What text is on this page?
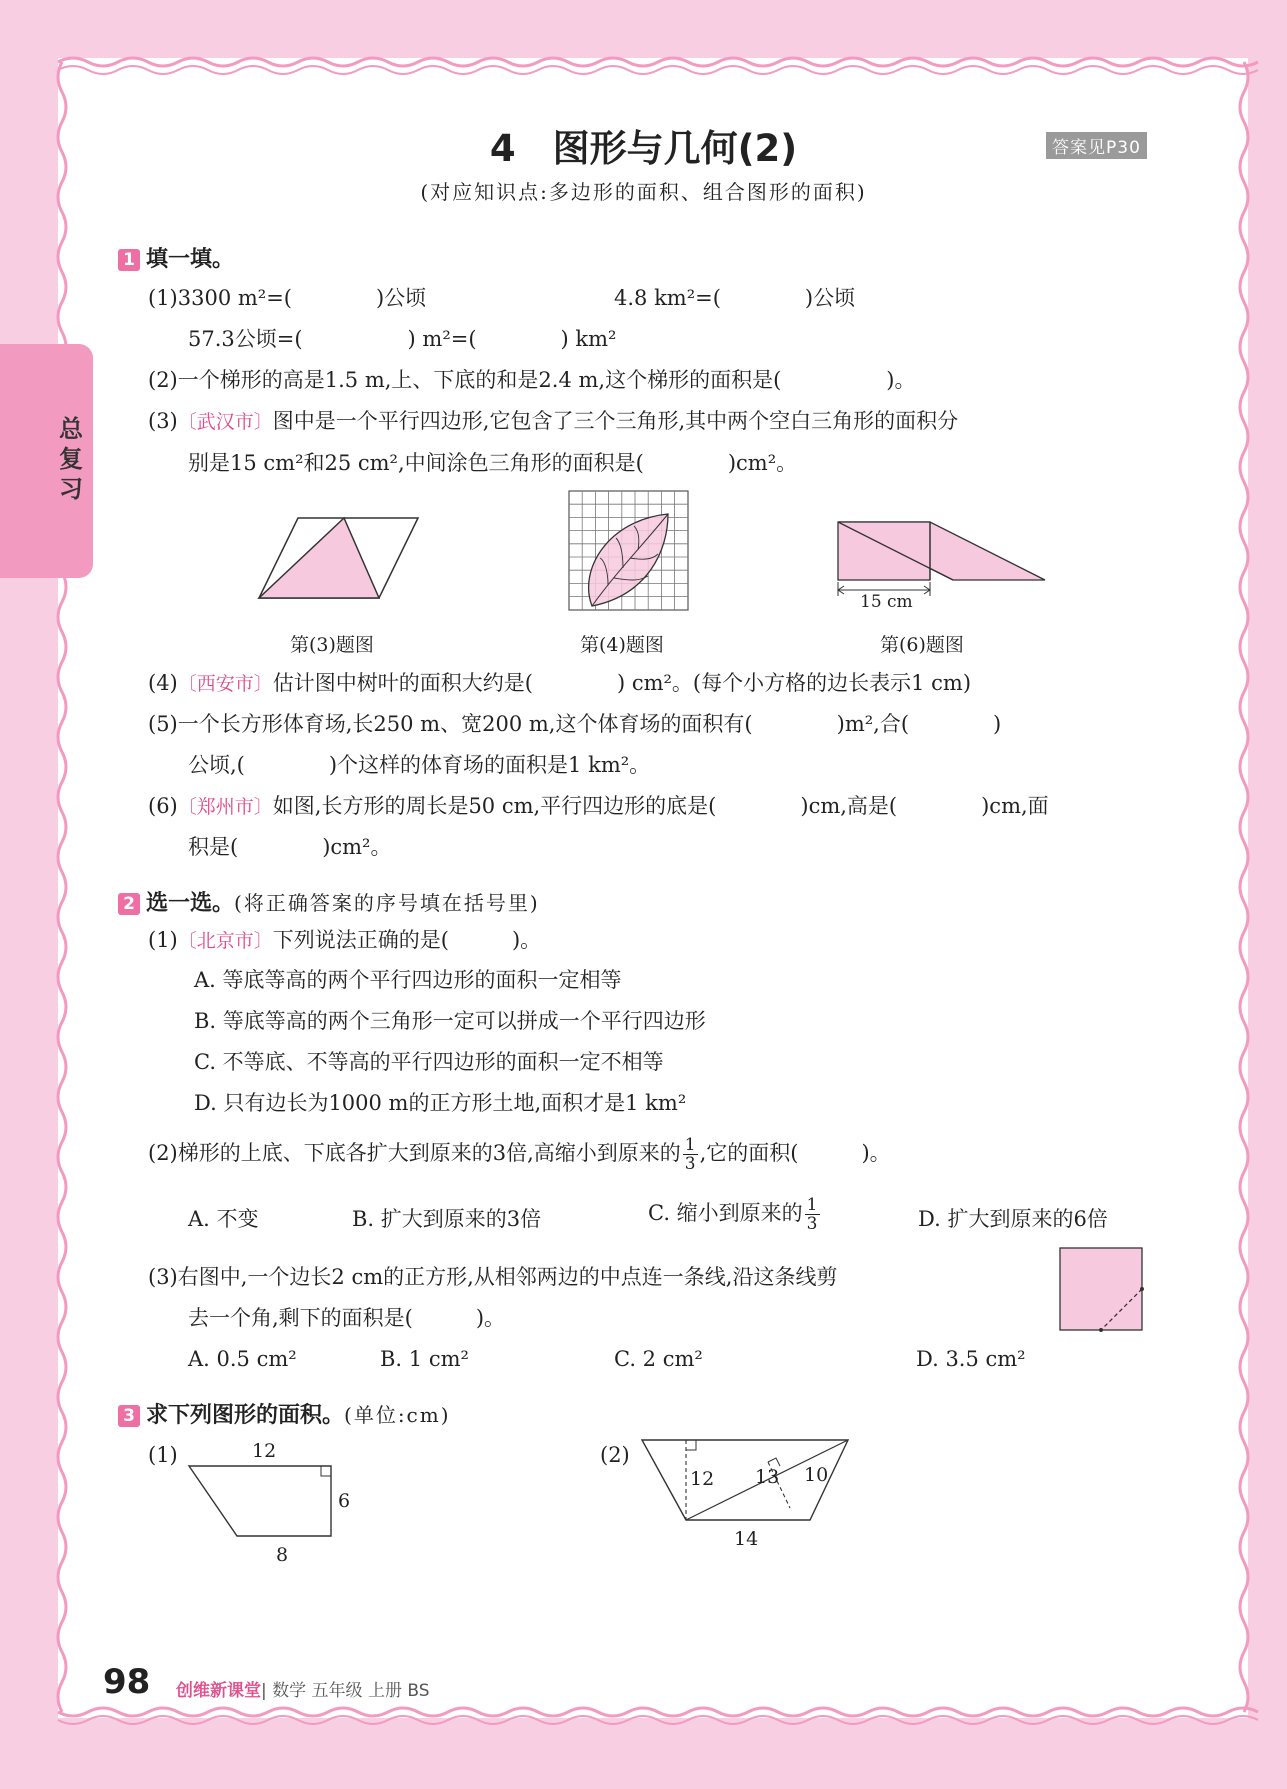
总复习
4　图形与几何(2)	答案见P30
(对应知识点:多边形的面积、组合图形的面积)
1 填一填。
(1)3300 m²=(　　　　)公顷	4.8 km²=(　　　　)公顷
57.3公顷=(　　　　　) m²=(　　　　) km²
(2)一个梯形的高是1.5 m,上、下底的和是2.4 m,这个梯形的面积是(　　　　　)。
(3)〔武汉市〕图中是一个平行四边形,它包含了三个三角形,其中两个空白三角形的面积分
别是15 cm²和25 cm²,中间涂色三角形的面积是(　　　　)cm²。
第(3)题图	第(4)题图
15 cm
第(6)题图
(4)〔西安市〕估计图中树叶的面积大约是(　　　　) cm²。(每个小方格的边长表示1 cm)
(5)一个长方形体育场,长250 m、宽200 m,这个体育场的面积有(　　　　)m²,合(　　　　)
公顷,(　　　　)个这样的体育场的面积是1 km²。
(6)〔郑州市〕如图,长方形的周长是50 cm,平行四边形的底是(　　　　)cm,高是(　　　　)cm,面
积是(　　　　)cm²。
2 选一选。(将正确答案的序号填在括号里)
(1)〔北京市〕下列说法正确的是(　　　)。
A. 等底等高的两个平行四边形的面积一定相等
B. 等底等高的两个三角形一定可以拼成一个平行四边形
C. 不等底、不等高的平行四边形的面积一定不相等
D. 只有边长为1000 m的正方形土地,面积才是1 km²
(2)梯形的上底、下底各扩大到原来的3倍,高缩小到原来的 $\frac{1}{3}$ ,它的面积(　　　)。
A. 不变	B. 扩大到原来的3倍	C. 缩小到原来的 $\frac{1}{3}$	D. 扩大到原来的6倍
(3)右图中,一个边长2 cm的正方形,从相邻两边的中点连一条线,沿这条线剪
去一个角,剩下的面积是(　　　)。
A. 0.5 cm²	B. 1 cm²	C. 2 cm²	D. 3.5 cm²
3 求下列图形的面积。(单位:cm)
(1)	12
6
8
(2)
12 13 10
14
98 创维新课堂| 数学 五年级 上册 BS
